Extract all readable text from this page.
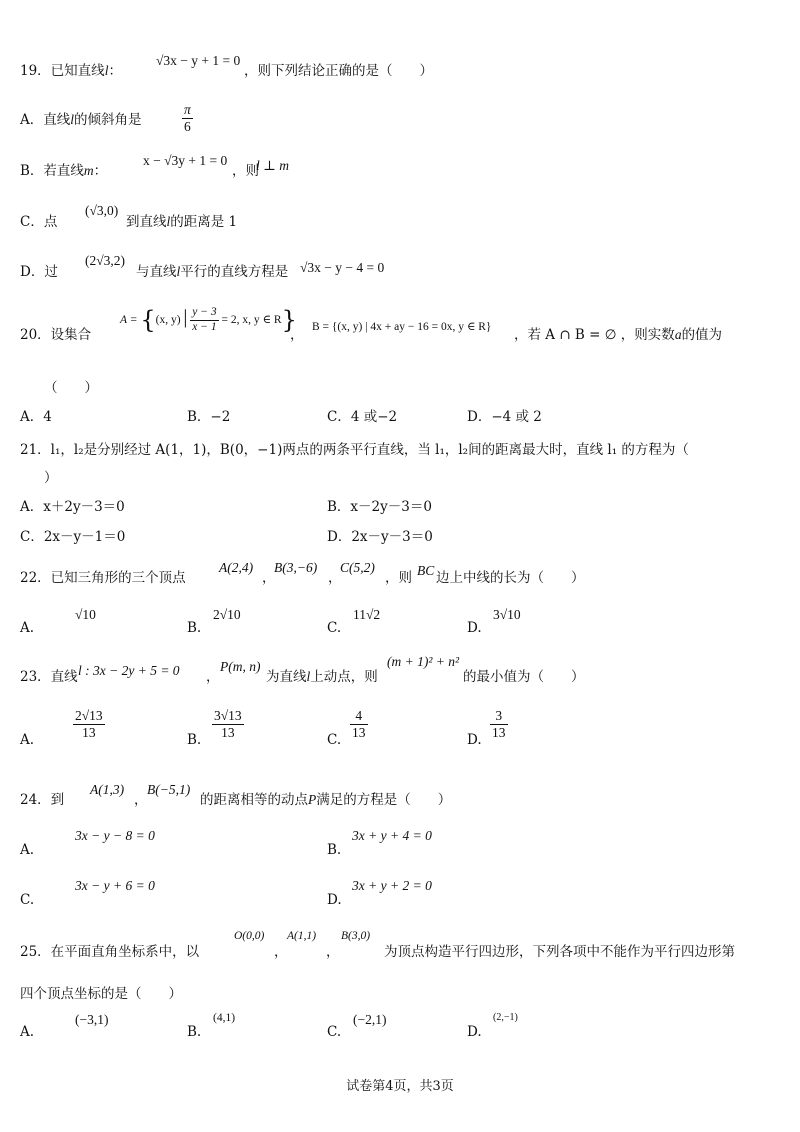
19．已知直线l：
√3x − y + 1 = 0
，则下列结论正确的是（　　）
A．直线l的倾斜角是	$\frac{\pi}{6}$
B．若直线m：
x − √3y + 1 = 0
，则
l ⊥ m
C．点
(√3,0)
到直线l的距离是 1
D．过
(2√3,2)
与直线l平行的直线方程是 √3x − y − 4 = 0
20．设集合
A = {(x, y) | $\frac{y - 3}{x - 1} = 2$, x, y ∈ R}
， B = {(x, y) | 4x + ay − 16 = 0x, y ∈ R} ，若 A ∩ B = ∅ ，则实数a的值为
（　　）
A．4	B．−2	C．4 或−2	D．−4 或 2
21．l₁，l₂是分别经过 A(1，1)，B(0，−1)两点的两条平行直线，当 l₁，l₂间的距离最大时，直线 l₁ 的方程为（
）
A．x＋2y－3＝0	B．x－2y－3＝0
C．2x－y－1＝0	D．2x－y－3＝0
22．已知三角形的三个顶点
A(2,4)
，
B(3,−6)
，
C(5,2)
，则 BC 边上中线的长为（　　）
A.
√10
B.
2√10
C.
11√2
D.
3√10
23．直线 l : 3x − 2y + 5 = 0 ，
P(m, n)
为直线l上动点，则
(m + 1)² + n²
的最小值为（　　）
A.	$\frac{2√13}{13}$	B. $\frac{3√13}{13}$	C. $\frac{4}{13}$	D. $\frac{3}{13}$
24．到
A(1,3)
，
B(−5,1)
的距离相等的动点P满足的方程是（　　）
A.
3x − y − 8 = 0
B.
3x + y + 4 = 0
C.
3x − y + 6 = 0
D.
3x + y + 2 = 0
25．在平面直角坐标系中，以
O(0,0)
，
A(1,1)
，
B(3,0)
为顶点构造平行四边形，下列各项中不能作为平行四边形第
四个顶点坐标的是（　　）
A.
(−3,1)
B.
(4,1)
C.
(−2,1)
D.
(2,−1)
试卷第4页，共3页
